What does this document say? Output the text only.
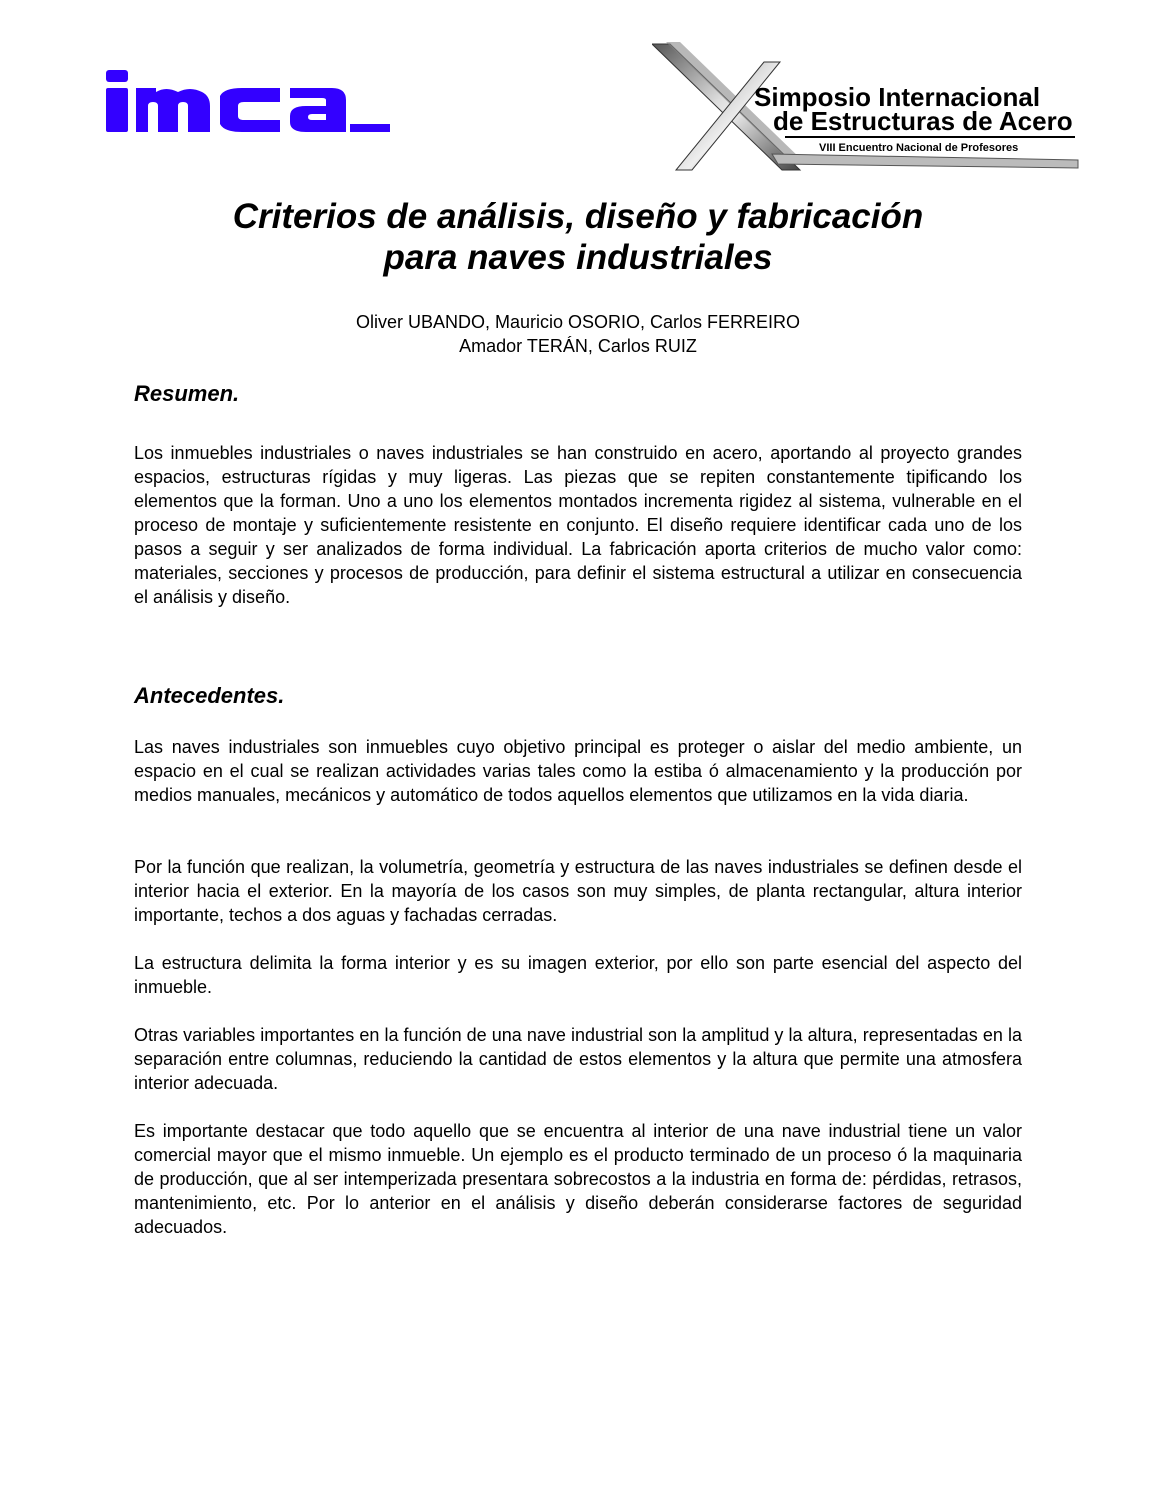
Simposio Internacional
de Estructuras de Acero
VIII Encuentro Nacional de Profesores
Criterios de análisis, diseño y fabricación
para naves industriales
Oliver UBANDO, Mauricio OSORIO, Carlos FERREIRO
Amador TERÁN, Carlos RUIZ
Resumen.
Los inmuebles industriales o naves industriales se han construido en acero, aportando al proyecto grandes espacios, estructuras rígidas y muy ligeras. Las piezas que se repiten constantemente tipificando los elementos que la forman. Uno a uno los elementos montados incrementa rigidez al sistema, vulnerable en el proceso de montaje y suficientemente resistente en conjunto. El diseño requiere identificar cada uno de los pasos a seguir y ser analizados de forma individual. La fabricación aporta criterios de mucho valor como: materiales, secciones y procesos de producción, para definir el sistema estructural a utilizar en consecuencia el análisis y diseño.
Antecedentes.
Las naves industriales son inmuebles cuyo objetivo principal es proteger o aislar del medio ambiente, un espacio en el cual se realizan actividades varias tales como la estiba ó almacenamiento y la producción por medios manuales, mecánicos y automático de todos aquellos elementos que utilizamos en la vida diaria.
Por la función que realizan, la volumetría, geometría y estructura de las naves industriales se definen desde el interior hacia el exterior. En la mayoría de los casos son muy simples, de planta rectangular, altura interior importante, techos a dos aguas y fachadas cerradas.
La estructura delimita la forma interior y es su imagen exterior, por ello son parte esencial del aspecto del inmueble.
Otras variables importantes en la función de una nave industrial son la amplitud y la altura, representadas en la separación entre columnas, reduciendo la cantidad de estos elementos y la altura que permite una atmosfera interior adecuada.
Es importante destacar que todo aquello que se encuentra al interior de una nave industrial tiene un valor comercial mayor que el mismo inmueble. Un ejemplo es el producto terminado de un proceso ó la maquinaria de producción, que al ser intemperizada presentara sobrecostos a la industria en forma de: pérdidas, retrasos, mantenimiento, etc. Por lo anterior en el análisis y diseño deberán considerarse factores de seguridad adecuados.
